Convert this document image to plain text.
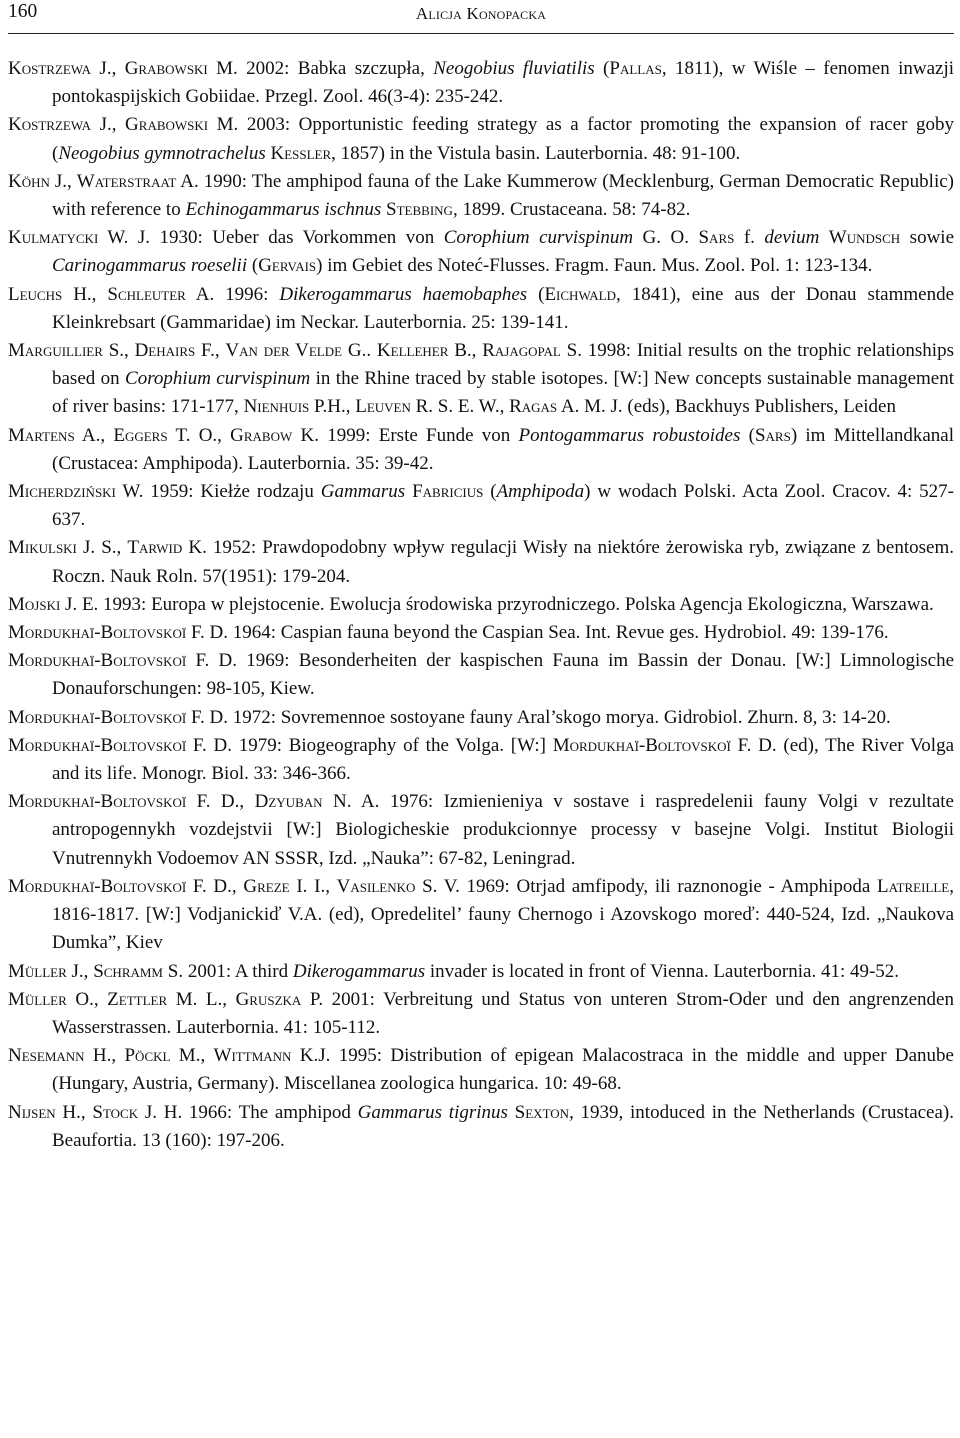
160	Alicja Konopacka

Kostrzewa J., Grabowski M. 2002: Babka szczupła, Neogobius fluviatilis (Pallas, 1811), w Wiśle – fenomen inwazji pontokaspijskich Gobiidae. Przegl. Zool. 46(3-4): 235-242.

Kostrzewa J., Grabowski M. 2003: Opportunistic feeding strategy as a factor promoting the expansion of racer goby (Neogobius gymnotrachelus Kessler, 1857) in the Vistula basin. Lauterbornia. 48: 91-100.

Köhn J., Waterstraat A. 1990: The amphipod fauna of the Lake Kummerow (Mecklenburg, German Democratic Republic) with reference to Echinogammarus ischnus Stebbing, 1899. Crustaceana. 58: 74-82.

Kulmatycki W. J. 1930: Ueber das Vorkommen von Corophium curvispinum G. O. Sars f. devium Wundsch sowie Carinogammarus roeselii (Gervais) im Gebiet des Noteć-Flusses. Fragm. Faun. Mus. Zool. Pol. 1: 123-134.

Leuchs H., Schleuter A. 1996: Dikerogammarus haemobaphes (Eichwald, 1841), eine aus der Donau stammende Kleinkrebsart (Gammaridae) im Neckar. Lauterbornia. 25: 139-141.

Marguillier S., Dehairs F., Van der Velde G.. Kelleher B., Rajagopal S. 1998: Initial results on the trophic relationships based on Corophium curvispinum in the Rhine traced by stable isotopes. [W:] New concepts sustainable management of river basins: 171-177, Nienhuis P.H., Leuven R. S. E. W., Ragas A. M. J. (eds), Backhuys Publishers, Leiden

Martens A., Eggers T. O., Grabow K. 1999: Erste Funde von Pontogammarus robustoides (Sars) im Mittellandkanal (Crustacea: Amphipoda). Lauterbornia. 35: 39-42.

Micherdziński W. 1959: Kiełże rodzaju Gammarus Fabricius (Amphipoda) w wodach Polski. Acta Zool. Cracov. 4: 527-637.

Mikulski J. S., Tarwid K. 1952: Prawdopodobny wpływ regulacji Wisły na niektóre żerowiska ryb, związane z bentosem. Roczn. Nauk Roln. 57(1951): 179-204.

Mojski J. E. 1993: Europa w plejstocenie. Ewolucja środowiska przyrodniczego. Polska Agencja Ekologiczna, Warszawa.

Mordukhaï-Boltovskoï F. D. 1964: Caspian fauna beyond the Caspian Sea. Int. Revue ges. Hydrobiol. 49: 139-176.

Mordukhaï-Boltovskoï F. D. 1969: Besonderheiten der kaspischen Fauna im Bassin der Donau. [W:] Limnologische Donauforschungen: 98-105, Kiew.

Mordukhaï-Boltovskoï F. D. 1972: Sovremennoe sostoyane fauny Aral’skogo morya. Gidrobiol. Zhurn. 8, 3: 14-20.

Mordukhaï-Boltovskoï F. D. 1979: Biogeography of the Volga. [W:] Mordukhaï-Boltovskoï F. D. (ed), The River Volga and its life. Monogr. Biol. 33: 346-366.

Mordukhaï-Boltovskoï F. D., Dzyuban N. A. 1976: Izmienieniya v sostave i raspredelenii fauny Volgi v rezultate antropogennykh vozdejstvii [W:] Biologicheskie produkcionnye processy v basejne Volgi. Institut Biologii Vnutrennykh Vodoemov AN SSSR, Izd. „Nauka”: 67-82, Leningrad.

Mordukhaï-Boltovskoï F. D., Greze I. I., Vasilenko S. V. 1969: Otrjad amfipody, ili raznonogie - Amphipoda Latreille, 1816-1817. [W:] Vodjanickiď V.A. (ed), Opredelitel’ fauny Chernogo i Azovskogo moreď: 440-524, Izd. „Naukova Dumka”, Kiev

Müller J., Schramm S. 2001: A third Dikerogammarus invader is located in front of Vienna. Lauterbornia. 41: 49-52.

Müller O., Zettler M. L., Gruszka P. 2001: Verbreitung und Status von unteren Strom-Oder und den angrenzenden Wasserstrassen. Lauterbornia. 41: 105-112.

Nesemann H., Pöckl M., Wittmann K.J. 1995: Distribution of epigean Malacostraca in the middle and upper Danube (Hungary, Austria, Germany). Miscellanea zoologica hungarica. 10: 49-68.

Nijsen H., Stock J. H. 1966: The amphipod Gammarus tigrinus Sexton, 1939, intoduced in the Netherlands (Crustacea). Beaufortia. 13 (160): 197-206.
